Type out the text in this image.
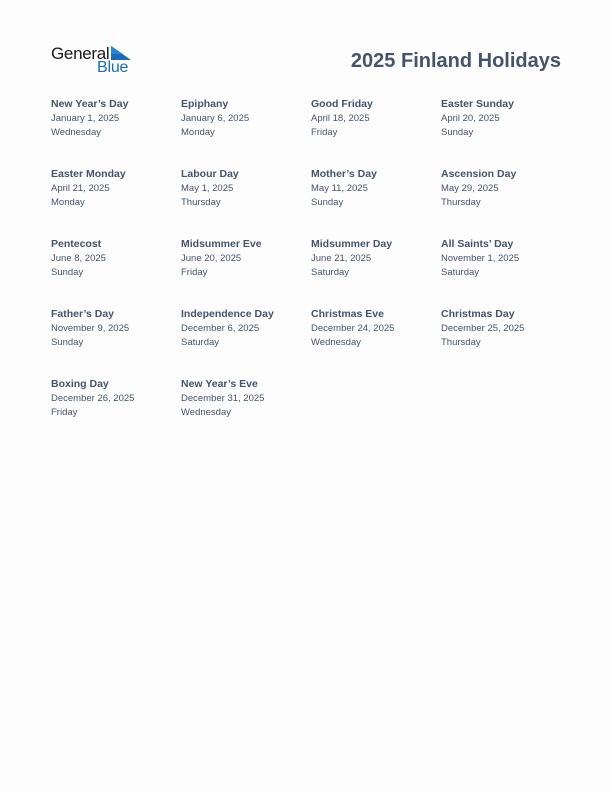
General
Blue	2025 Finland Holidays
New Year’s Day
January 1, 2025
Wednesday
Epiphany
January 6, 2025
Monday
Good Friday
April 18, 2025
Friday
Easter Sunday
April 20, 2025
Sunday
Easter Monday
April 21, 2025
Monday
Labour Day
May 1, 2025
Thursday
Mother’s Day
May 11, 2025
Sunday
Ascension Day
May 29, 2025
Thursday
Pentecost
June 8, 2025
Sunday
Midsummer Eve
June 20, 2025
Friday
Midsummer Day
June 21, 2025
Saturday
All Saints’ Day
November 1, 2025
Saturday
Father’s Day
November 9, 2025
Sunday
Independence Day
December 6, 2025
Saturday
Christmas Eve
December 24, 2025
Wednesday
Christmas Day
December 25, 2025
Thursday
Boxing Day
December 26, 2025
Friday
New Year’s Eve
December 31, 2025
Wednesday
